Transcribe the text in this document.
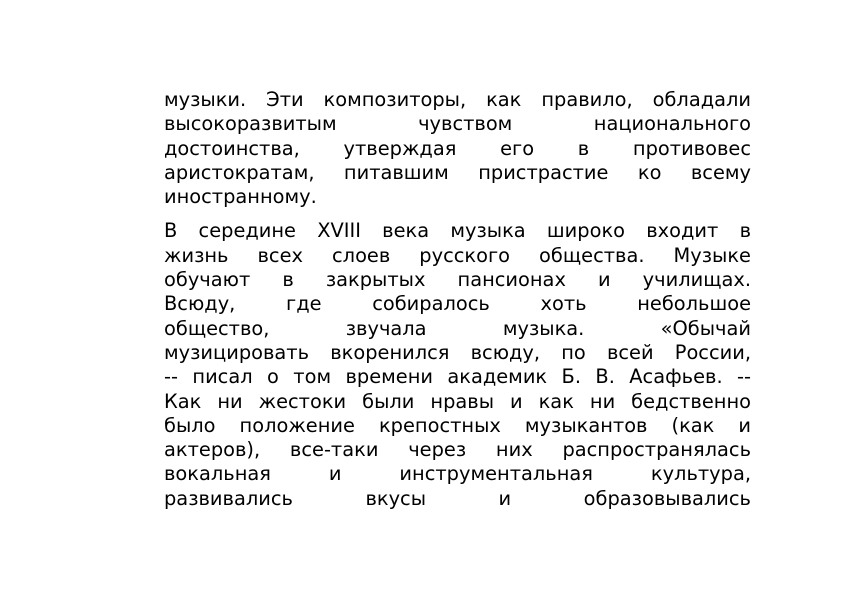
музыки. Эти композиторы, как правило, обладали
высокоразвитым чувством национального
достоинства, утверждая его в противовес
аристократам, питавшим пристрастие ко всему
иностранному.
В середине XVIII века музыка широко входит в
жизнь всех слоев русского общества. Музыке
обучают в закрытых пансионах и училищах.
Всюду, где собиралось хоть небольшое
общество, звучала музыка. «Обычай
музицировать вкоренился всюду, по всей России,
-- писал о том времени академик Б. В. Асафьев. --
Как ни жестоки были нравы и как ни бедственно
было положение крепостных музыкантов (как и
актеров), все-таки через них распространялась
вокальная и инструментальная культура,
развивались вкусы и образовывались
